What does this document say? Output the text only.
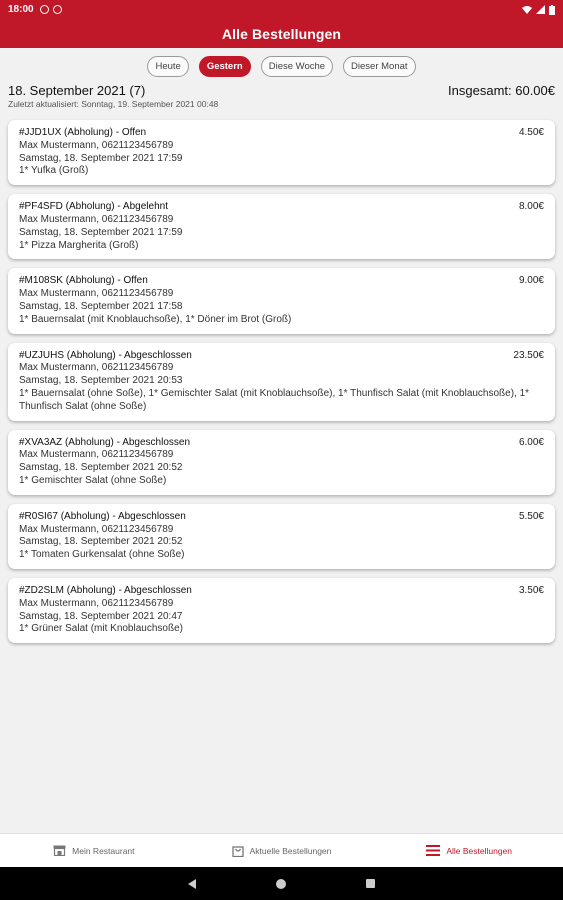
18:00
Alle Bestellungen
Heute	Gestern	Diese Woche	Dieser Monat
18. September 2021 (7)	Insgesamt: 60.00€
Zuletzt aktualisiert: Sonntag, 19. September 2021 00:48
#JJD1UX (Abholung) - Offen	4.50€
Max Mustermann, 0621123456789
Samstag, 18. September 2021 17:59
1* Yufka (Groß)
#PF4SFD (Abholung) - Abgelehnt	8.00€
Max Mustermann, 0621123456789
Samstag, 18. September 2021 17:59
1* Pizza Margherita (Groß)
#M108SK (Abholung) - Offen	9.00€
Max Mustermann, 0621123456789
Samstag, 18. September 2021 17:58
1* Bauernsalat (mit Knoblauchsoße), 1* Döner im Brot (Groß)
#UZJUHS (Abholung) - Abgeschlossen	23.50€
Max Mustermann, 0621123456789
Samstag, 18. September 2021 20:53
1* Bauernsalat (ohne Soße), 1* Gemischter Salat (mit Knoblauchsoße), 1* Thunfisch Salat (mit Knoblauchsoße), 1* Thunfisch Salat (ohne Soße)
#XVA3AZ (Abholung) - Abgeschlossen	6.00€
Max Mustermann, 0621123456789
Samstag, 18. September 2021 20:52
1* Gemischter Salat (ohne Soße)
#R0SI67 (Abholung) - Abgeschlossen	5.50€
Max Mustermann, 0621123456789
Samstag, 18. September 2021 20:52
1* Tomaten Gurkensalat (ohne Soße)
#ZD2SLM (Abholung) - Abgeschlossen	3.50€
Max Mustermann, 0621123456789
Samstag, 18. September 2021 20:47
1* Grüner Salat (mit Knoblauchsoße)
Mein Restaurant	Aktuelle Bestellungen	Alle Bestellungen
